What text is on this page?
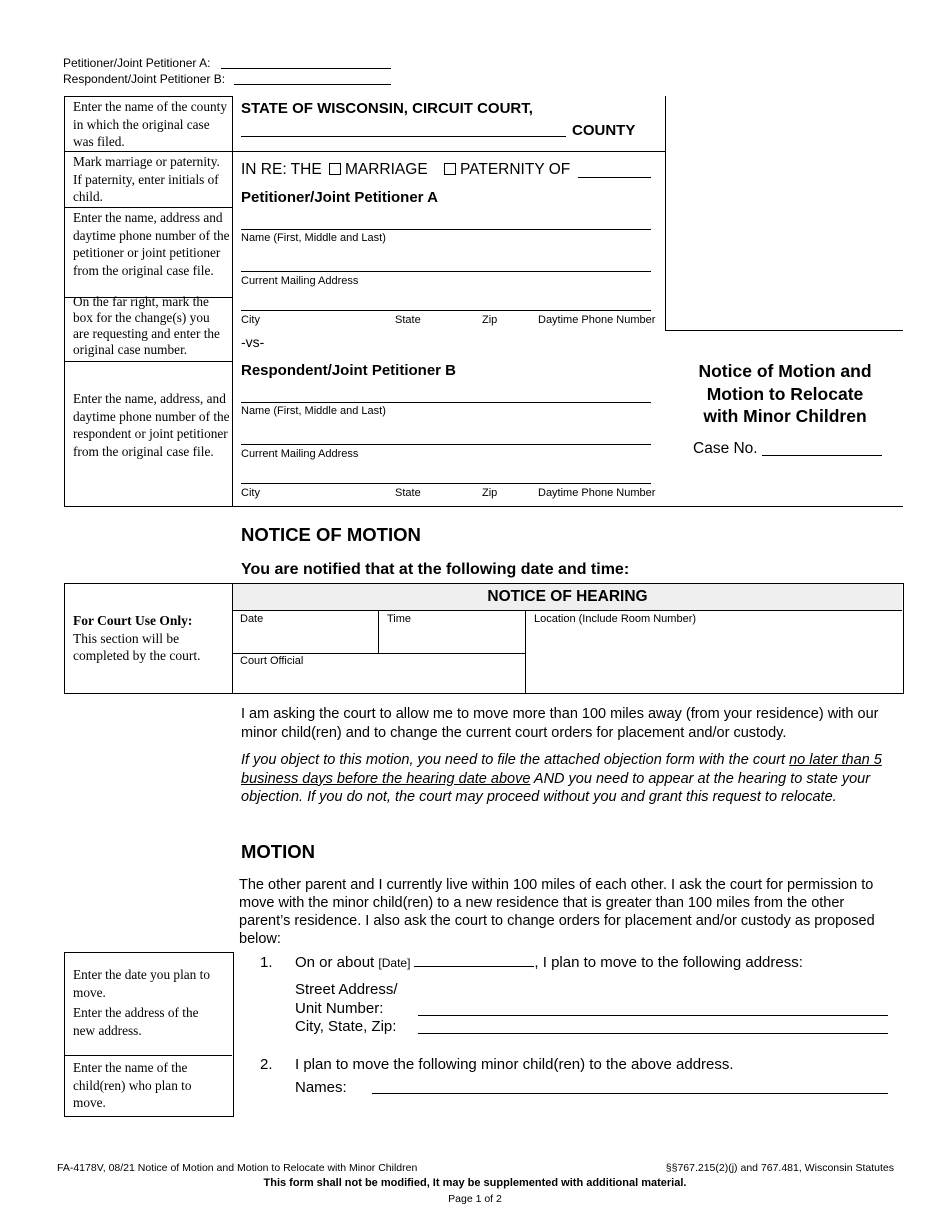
Petitioner/Joint Petitioner A:
Respondent/Joint Petitioner B:
Enter the name of the county in which the original case was filed.
Mark marriage or paternity. If paternity, enter initials of child.
Enter the name, address and daytime phone number of the petitioner or joint petitioner from the original case file.
On the far right, mark the box for the change(s) you are requesting and enter the original case number.
Enter the name, address, and daytime phone number of the respondent or joint petitioner from the original case file.
STATE OF WISCONSIN, CIRCUIT COURT,
COUNTY
IN RE: THE MARRIAGE PATERNITY OF
Petitioner/Joint Petitioner A
Name (First, Middle and Last)
Current Mailing Address
City	State	Zip	Daytime Phone Number
-vs-
Respondent/Joint Petitioner B
Name (First, Middle and Last)
Current Mailing Address
City	State	Zip	Daytime Phone Number
Notice of Motion and
Motion to Relocate
with Minor Children
Case No.
NOTICE OF MOTION
You are notified that at the following date and time:
NOTICE OF HEARING
Date	Time	Location (Include Room Number)
Court Official
For Court Use Only:
This section will be completed by the court.
I am asking the court to allow me to move more than 100 miles away (from your residence) with our minor child(ren) and to change the current court orders for placement and/or custody.
If you object to this motion, you need to file the attached objection form with the court no later than 5 business days before the hearing date above AND you need to appear at the hearing to state your objection. If you do not, the court may proceed without you and grant this request to relocate.
MOTION
The other parent and I currently live within 100 miles of each other. I ask the court for permission to move with the minor child(ren) to a new residence that is greater than 100 miles from the other parent’s residence. I also ask the court to change orders for placement and/or custody as proposed below:
Enter the date you plan to move.
Enter the address of the new address.
Enter the name of the child(ren) who plan to move.
1. On or about [Date]	, I plan to move to the following address:
Street Address/
Unit Number:
City, State, Zip:
2. I plan to move the following minor child(ren) to the above address.
Names:
FA-4178V, 08/21 Notice of Motion and Motion to Relocate with Minor Children	§§767.215(2)(j) and 767.481, Wisconsin Statutes
This form shall not be modified, It may be supplemented with additional material.
Page 1 of 2
